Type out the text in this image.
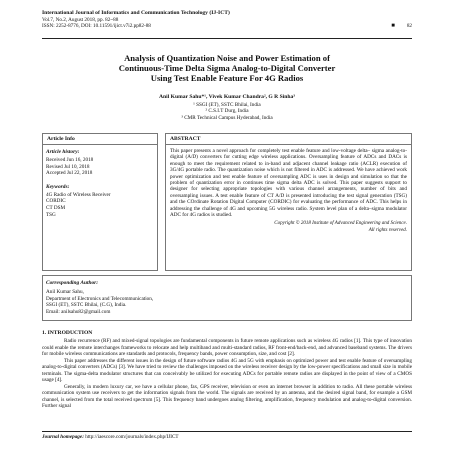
International Journal of Informatics and Communication Technology (IJ-ICT)
Vol.7, No.2, August 2018, pp. 82~88
ISSN: 2252-8776, DOI: 10.11591/ijict.v7i2.pp82-88	■ 82
Analysis of Quantization Noise and Power Estimation of
Continuous-Time Delta Sigma Analog-to-Digital Converter
Using Test Enable Feature For 4G Radios
Anil Kumar Sahu*¹, Vivek Kumar Chandra², G R Sinha³
¹ SSGI (ET), SSTC Bhilai, India
² C.S.I.T Durg, India
³ CMR Technical Campus Hyderabad, India
Article Info
Article history:
Received Jun 16, 2018
Revised Jul 10, 2018
Accepted Jul 22, 2018
Keywords:
4G Radio of Wireless Receiver
CORDIC
CT DSM
TSG
ABSTRACT
This paper presents a novel approach for completely test enable feature and low-voltage delta– sigma analog-to-digital (A/D) converters for cutting edge wireless applications. Oversampling feature of ADCs and DACs is enough to meet the requirement related to in-band and adjacent channel leakage ratio (ACLR) execution of 3G/4G portable radio. The quantization noise which is not filtered in ADC is addressed. We have achieved work power optimization and test enable feature of oversampling ADC is uses in design and simulation so that the problem of quantization error in continues time sigma delta ADC is solved. This paper suggests support to designer for selecting appropriate topologies with various channel arrangements, number of bits and oversampling issues. A test enable feature of CT A/D is presented introducing the test signal generation (TSG) and the COrdinate Rotation Digital Computer (CORDIC) for evaluating the performance of ADC. This helps in addressing the challenge of 4G and upcoming 5G wireless radio. System level plan of a delta–sigma modulator ADC for 4G radios is studied.
Copyright © 2018 Institute of Advanced Engineering and Science.
All rights reserved.
Corresponding Author:
Anil Kumar Sahu,
Department of Electronics and Telecommunication,
SSGI (ET), SSTC Bhilai, (C.G), India.
Email: anilsahu82@gmail.com
1. INTRODUCTION

Radio recurrence (RF) and mixed-signal topologies are fundamental components in future remote applications such as wireless 4G radios [1]. This type of innovation could enable the remote interchanges frameworks to relocate and help multiband and multi-standard radios, RF front-end/back-end, and advanced baseband systems. The drivers for mobile wireless communications are standards and protocols, frequency bands, power consumption, size, and cost [2].

This paper addresses the different issues in the design of future software radios 4G and 5G with emphasis on optimized power and test enable feature of oversampling analog-to-digital converters (ADCs) [3]. We have tried to review the challenges imposed on the wireless receiver design by the low-power specifications and small size in mobile terminals. The sigma-delta modulator structures that can conceivably be utilized for executing ADCs for portable remote radios are displayed in the point of view of a CMOS usage [4].

Generally, in modern luxury car, we have a cellular phone, fax, GPS receiver, television or even an internet browser in addition to radio. All these portable wireless communication system use receivers to get the information signals from the world. The signals are received by an antenna, and the desired signal band, for example a GSM channel, is selected from the total received spectrum [5]. This frequency band undergoes analog filtering, amplification, frequency modulation and analog-to-digital conversion. Further signal

Journal homepage: http://iaescore.com/journals/index.php/IJICT
